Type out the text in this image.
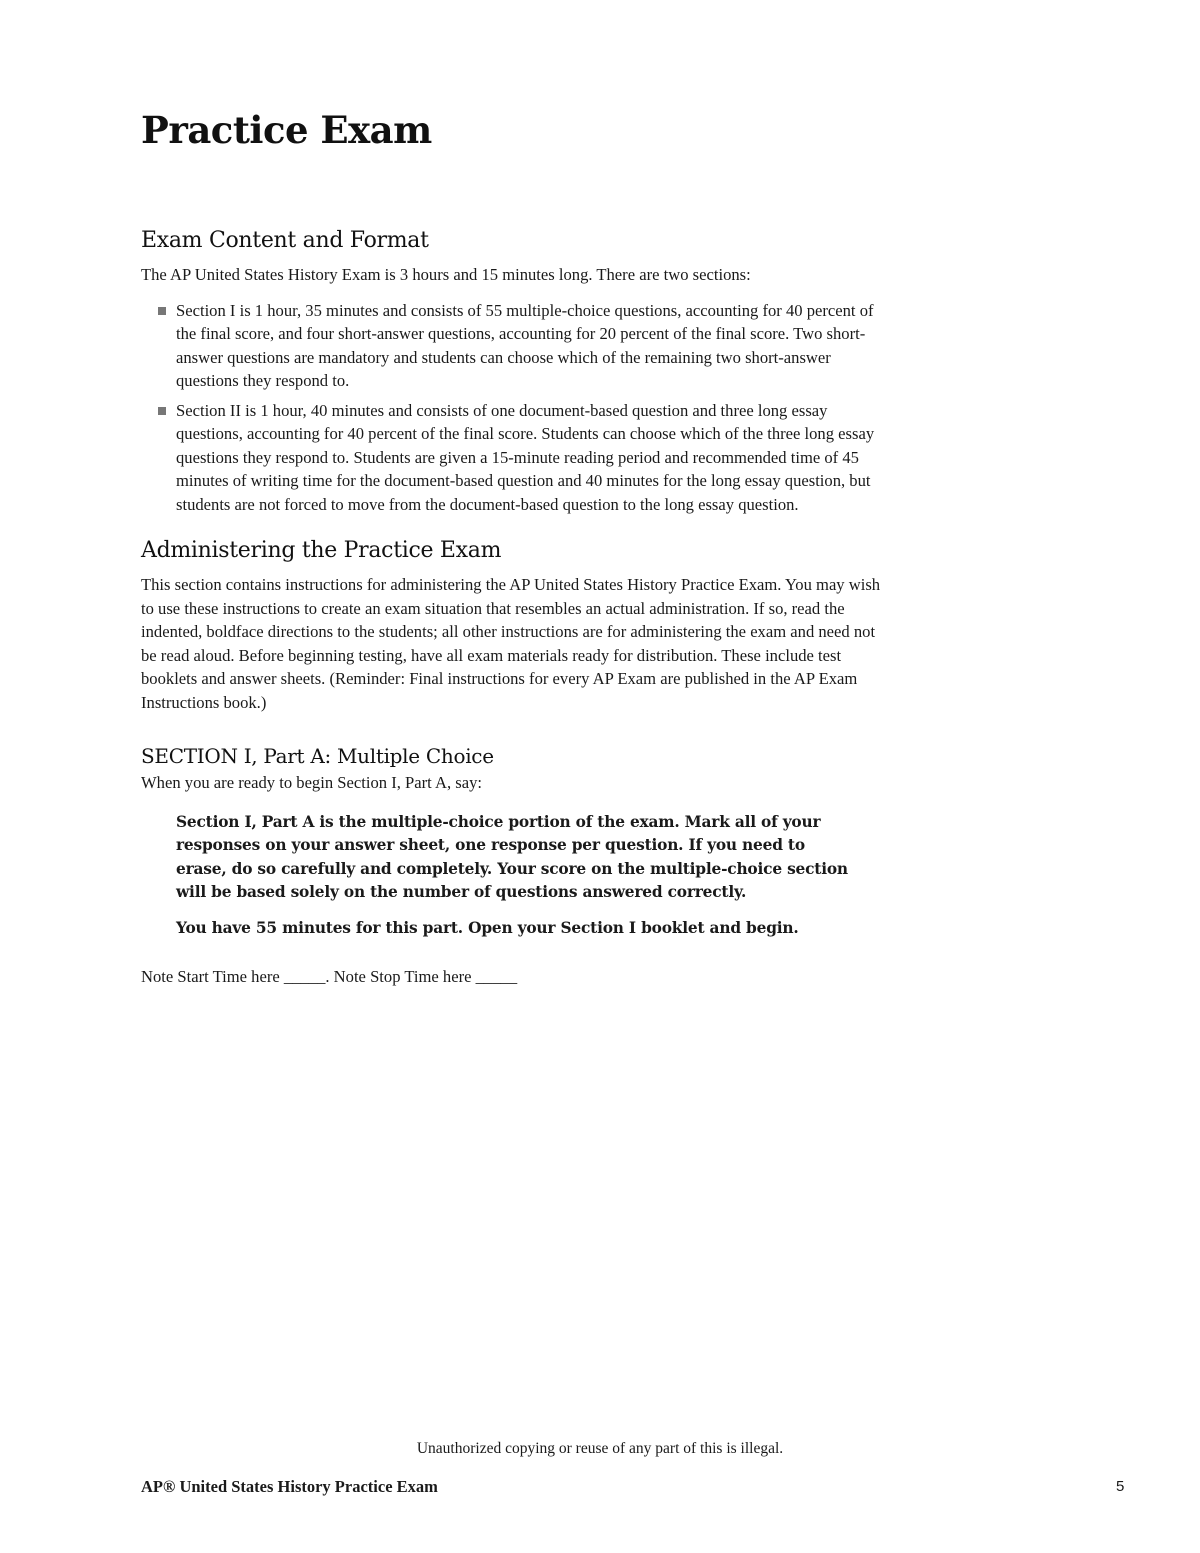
Practice Exam
Exam Content and Format

The AP United States History Exam is 3 hours and 15 minutes long. There are two sections:

Section I is 1 hour, 35 minutes and consists of 55 multiple-choice questions, accounting for 40 percent of the final score, and four short-answer questions, accounting for 20 percent of the final score. Two short-answer questions are mandatory and students can choose which of the remaining two short-answer questions they respond to.
Section II is 1 hour, 40 minutes and consists of one document-based question and three long essay questions, accounting for 40 percent of the final score. Students can choose which of the three long essay questions they respond to. Students are given a 15-minute reading period and recommended time of 45 minutes of writing time for the document-based question and 40 minutes for the long essay question, but students are not forced to move from the document-based question to the long essay question.
Administering the Practice Exam

This section contains instructions for administering the AP United States History Practice Exam. You may wish to use these instructions to create an exam situation that resembles an actual administration. If so, read the indented, boldface directions to the students; all other instructions are for administering the exam and need not be read aloud. Before beginning testing, have all exam materials ready for distribution. These include test booklets and answer sheets. (Reminder: Final instructions for every AP Exam are published in the AP Exam Instructions book.)

SECTION I, Part A: Multiple Choice

When you are ready to begin Section I, Part A, say:

Section I, Part A is the multiple-choice portion of the exam. Mark all of your responses on your answer sheet, one response per question. If you need to erase, do so carefully and completely. Your score on the multiple-choice section will be based solely on the number of questions answered correctly.

You have 55 minutes for this part. Open your Section I booklet and begin.

Note Start Time here _____. Note Stop Time here _____

Unauthorized copying or reuse of any part of this is illegal.
AP® United States History Practice Exam	5
